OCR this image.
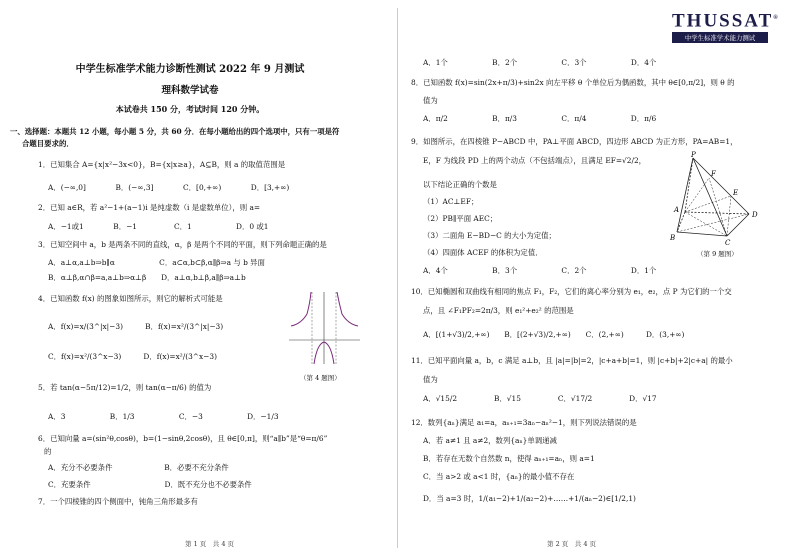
中学生标准学术能力诊断性测试 2022 年 9 月测试
理科数学试卷
本试卷共 150 分，考试时间 120 分钟。
一、选择题：本题共 12 小题，每小题 5 分，共 60 分．在每小题给出的四个选项中，只有一项是符
合题目要求的．
1．已知集合 A={x|x²−3x<0}，B={x|x≥a}，A⊆B，则 a 的取值范围是
A．(−∞,0]　　　　B．(−∞,3]　　　　C．[0,+∞)　　　　D．[3,+∞)
2．已知 a∈R，若 a²−1+(a−1)i 是纯虚数（i 是虚数单位），则 a=
A．−1或1　　　　B．−1　　　　　C．1　　　　　　D．0 或1
3．已知空间中 a，b 是两条不同的直线，α，β 是两个不同的平面，则下列命题正确的是
A．a⊥α,a⊥b⇒b∥α　　　　　　C．a⊂α,b⊂β,α∥β⇒a 与 b 异面
B．α⊥β,α∩β=a,a⊥b⇒α⊥β　　D．a⊥α,b⊥β,a∥β⇒a⊥b
4．已知函数 f(x) 的图象如图所示，则它的解析式可能是
A．f(x)=x/(3^|x|−3)　　　B．f(x)=x²/(3^|x|−3)
C．f(x)=x²/(3^x−3)　　　D．f(x)=x²/(3^x−3)
（第 4 题图）
5．若 tan(α−5π/12)=1/2，则 tan(α−π/6) 的值为
A．3　　　　　　B．1/3　　　　　　C．−3　　　　　　D．−1/3
6．已知向量 a=(sin²θ,cosθ)，b=(1−sinθ,2cosθ)，且 θ∈[0,π]，则“a∥b”是“θ=π/6”
的
A．充分不必要条件　　　　　　　B．必要不充分条件
C．充要条件　　　　　　　　　　D．既不充分也不必要条件
7．一个四棱锥的四个侧面中，钝角三角形最多有
第 1 页　共 4 页
A．1个　　　　　　B．2个　　　　　　C．3个　　　　　　D．4个
8．已知函数 f(x)=sin(2x+π/3)+sin2x 向左平移 θ 个单位后为偶函数，其中 θ∈[0,π/2]，则 θ 的
值为
A．π/2　　　　　　B．π/3　　　　　　C．π/4　　　　　　D．π/6
9．如图所示，在四棱锥 P−ABCD 中，PA⊥平面 ABCD，四边形 ABCD 为正方形，PA=AB=1，
E，F 为线段 PD 上的两个动点（不包括端点），且满足 EF=√2/2，
以下结论正确的个数是
（1）AC⊥EF；
（2）PB∥平面 AEC；
（3）二面角 E−BD−C 的大小为定值；
（4）四面体 ACEF 的体积为定值．
A．4个　　　　　　B．3个　　　　　　C．2个　　　　　　D．1个
P
F
E
A
B
C
D
（第 9 题图）
10．已知椭圆和双曲线有相同的焦点 F₁，F₂，它们的离心率分别为 e₁，e₂，点 P 为它们的一个交
点，且 ∠F₁PF₂=2π/3，则 e₁²+e₂² 的范围是
A．[(1+√3)/2,+∞)　　B．[(2+√3)/2,+∞)　　C．(2,+∞)　　　D．(3,+∞)
11．已知平面向量 a，b，c 满足 a⊥b，且 |a|=|b|=2，|c+a+b|=1，则 |c+b|+2|c+a| 的最小
值为
A．√15/2　　　　　B．√15　　　　　C．√17/2　　　　　D．√17
12．数列{aₙ}满足 a₁=a，aₙ₊₁=3aₙ−aₙ²−1，则下列说法错误的是
A．若 a≠1 且 a≠2，数列{aₙ}单调递减
B．若存在无数个自然数 n，使得 aₙ₊₁=aₙ，则 a=1
C．当 a>2 或 a<1 时，{aₙ}的最小值不存在
D．当 a=3 时，1/(a₁−2)+1/(a₂−2)+……+1/(aₙ−2)∈[1/2,1)
第 2 页　共 4 页
THUSSAT®
中学生标准学术能力测试
